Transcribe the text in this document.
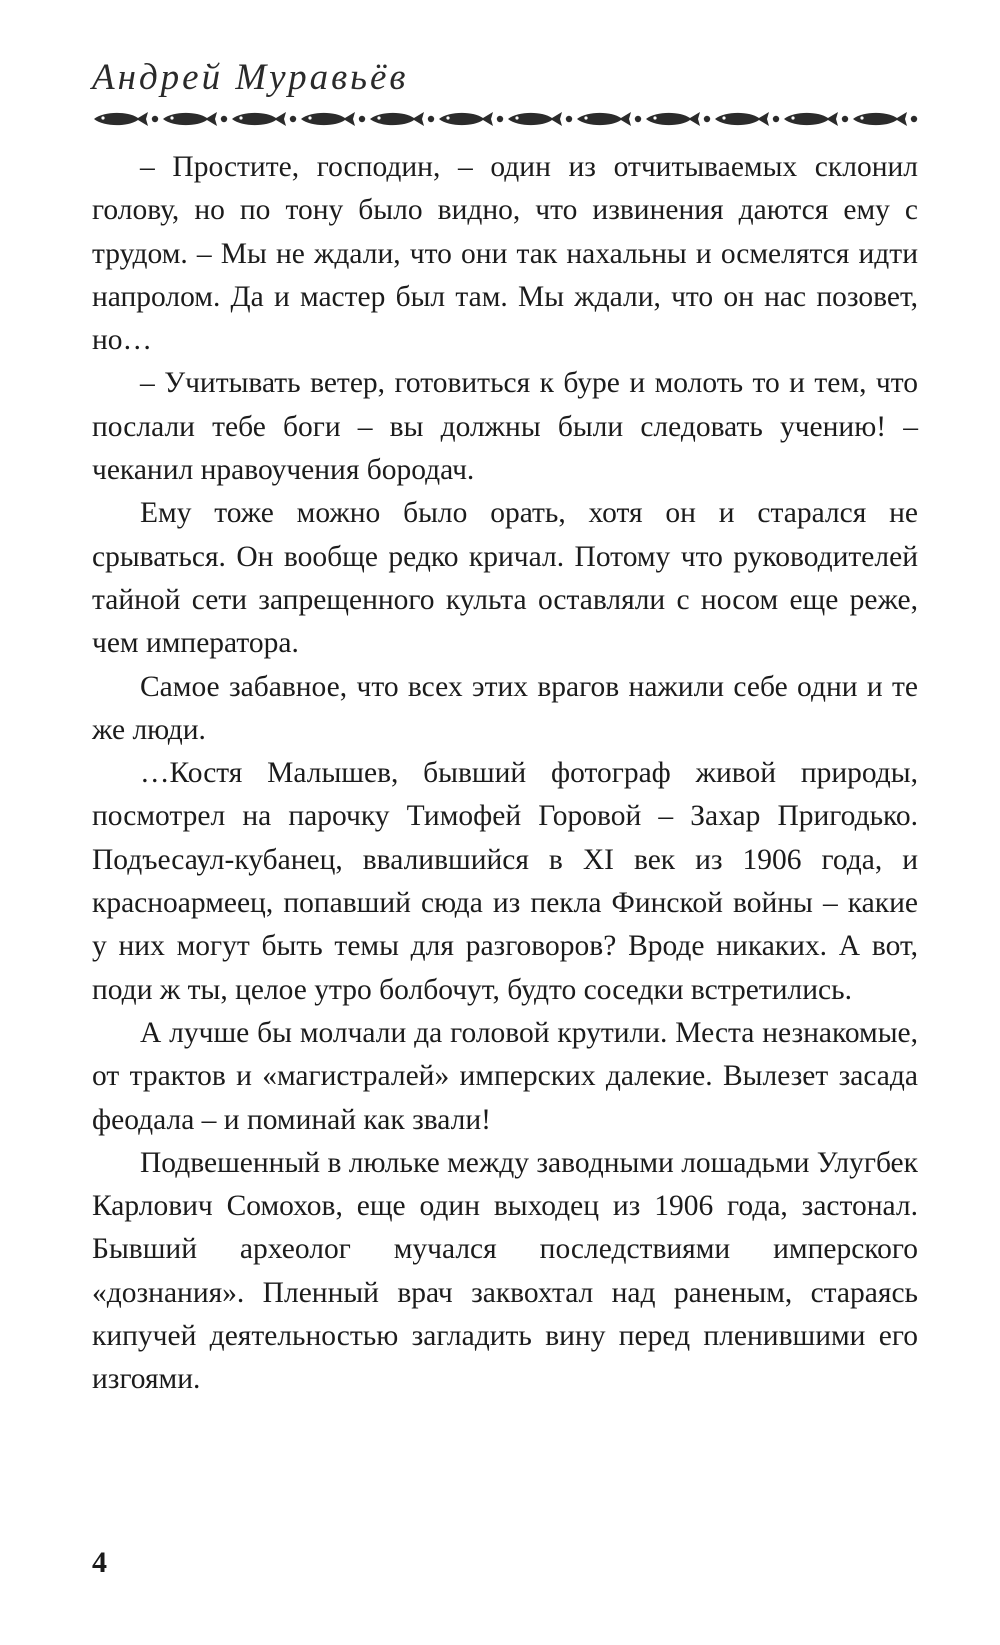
Андрей Муравьёв

– Простите, господин, – один из отчитываемых склонил голову, но по тону было видно, что извинения даются ему с трудом. – Мы не ждали, что они так нахальны и осмелятся идти напролом. Да и мастер был там. Мы ждали, что он нас позовет, но…

– Учитывать ветер, готовиться к буре и молоть то и тем, что послали тебе боги – вы должны были следовать учению! – чеканил нравоучения бородач.

Ему тоже можно было орать, хотя он и старался не срываться. Он вообще редко кричал. Потому что руководителей тайной сети запрещенного культа оставляли с носом еще реже, чем императора.

Самое забавное, что всех этих врагов нажили себе одни и те же люди.

…Костя Малышев, бывший фотограф живой природы, посмотрел на парочку Тимофей Горовой – Захар Пригодько. Подъесаул-кубанец, ввалившийся в XI век из 1906 года, и красноармеец, попавший сюда из пекла Финской войны – какие у них могут быть темы для разговоров? Вроде никаких. А вот, поди ж ты, целое утро болбочут, будто соседки встретились.

А лучше бы молчали да головой крутили. Места незнакомые, от трактов и «магистралей» имперских далекие. Вылезет засада феодала – и поминай как звали!

Подвешенный в люльке между заводными лошадьми Улугбек Карлович Сомохов, еще один выходец из 1906 года, застонал. Бывший археолог мучался последствиями имперского «дознания». Пленный врач заквохтал над раненым, стараясь кипучей деятельностью загладить вину перед пленившими его изгоями.

4
